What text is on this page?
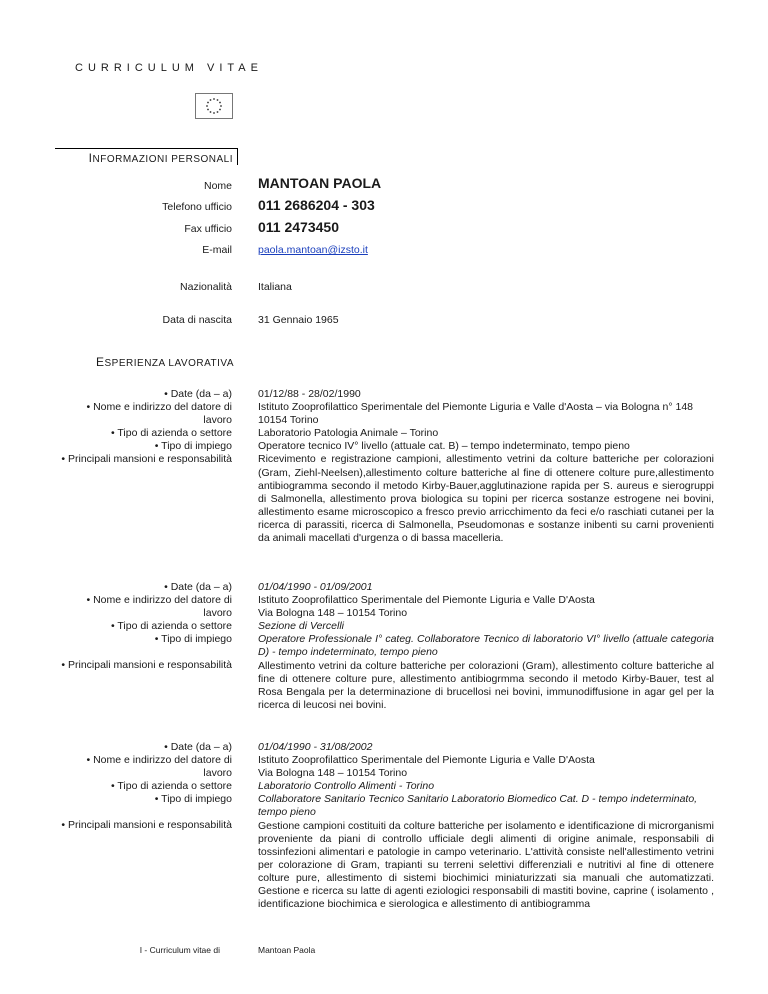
CURRICULUM VITAE
INFORMAZIONI PERSONALI
Nome MANTOAN PAOLA
Telefono ufficio 011 2686204 - 303
Fax ufficio 011 2473450
E-mail paola.mantoan@izsto.it
Nazionalità Italiana
Data di nascita 31 Gennaio 1965
ESPERIENZA LAVORATIVA
• Date (da – a)
• Nome e indirizzo del datore di
lavoro
• Tipo di azienda o settore
• Tipo di impiego
• Principali mansioni e responsabilità
01/12/88 - 28/02/1990
Istituto Zooprofilattico Sperimentale del Piemonte Liguria e Valle d'Aosta – via Bologna n° 148
10154 Torino
Laboratorio Patologia Animale – Torino
Operatore tecnico IV° livello (attuale cat. B) – tempo indeterminato, tempo pieno
Ricevimento e registrazione campioni, allestimento vetrini da colture batteriche per colorazioni (Gram, Ziehl-Neelsen),allestimento colture batteriche al fine di ottenere colture pure,allestimento antibiogramma secondo il metodo Kirby-Bauer,agglutinazione rapida per S. aureus e sierogruppi di Salmonella, allestimento prova biologica su topini per ricerca sostanze estrogene nei bovini, allestimento esame microscopico a fresco previo arricchimento da feci e/o raschiati cutanei per la ricerca di parassiti, ricerca di Salmonella, Pseudomonas e sostanze inibenti su carni provenienti da animali macellati d'urgenza o di bassa macelleria.
• Date (da – a)
• Nome e indirizzo del datore di
lavoro
• Tipo di azienda o settore
• Tipo di impiego
• Principali mansioni e responsabilità
01/04/1990 - 01/09/2001
Istituto Zooprofilattico Sperimentale del Piemonte Liguria e Valle D'Aosta
Via Bologna 148 – 10154 Torino
Sezione di Vercelli
Operatore Professionale I° categ. Collaboratore Tecnico di laboratorio VI° livello (attuale categoria D) - tempo indeterminato, tempo pieno
Allestimento vetrini da colture batteriche per colorazioni (Gram), allestimento colture batteriche al fine di ottenere colture pure, allestimento antibiogrmma secondo il metodo Kirby-Bauer, test al Rosa Bengala per la determinazione di brucellosi nei bovini, immunodiffusione in agar gel per la ricerca di leucosi nei bovini.
• Date (da – a)
• Nome e indirizzo del datore di
lavoro
• Tipo di azienda o settore
• Tipo di impiego
• Principali mansioni e responsabilità
01/04/1990 - 31/08/2002
Istituto Zooprofilattico Sperimentale del Piemonte Liguria e Valle D'Aosta
Via Bologna 148 – 10154 Torino
Laboratorio Controllo Alimenti - Torino
Collaboratore Sanitario Tecnico Sanitario Laboratorio Biomedico Cat. D - tempo indeterminato, tempo pieno
Gestione campioni costituiti da colture batteriche per isolamento e identificazione di microrganismi proveniente da piani di controllo ufficiale degli alimenti di origine animale, responsabili di tossinfezioni alimentari e patologie in campo veterinario. L'attività consiste nell'allestimento vetrini per colorazione di Gram, trapianti su terreni selettivi differenziali e nutritivi al fine di ottenere colture pure, allestimento di sistemi biochimici miniaturizzati sia manuali che automatizzati. Gestione e ricerca su latte di agenti eziologici responsabili di mastiti bovine, caprine ( isolamento , identificazione biochimica e sierologica e allestimento di antibiogramma
I - Curriculum vitae di	Mantoan Paola
